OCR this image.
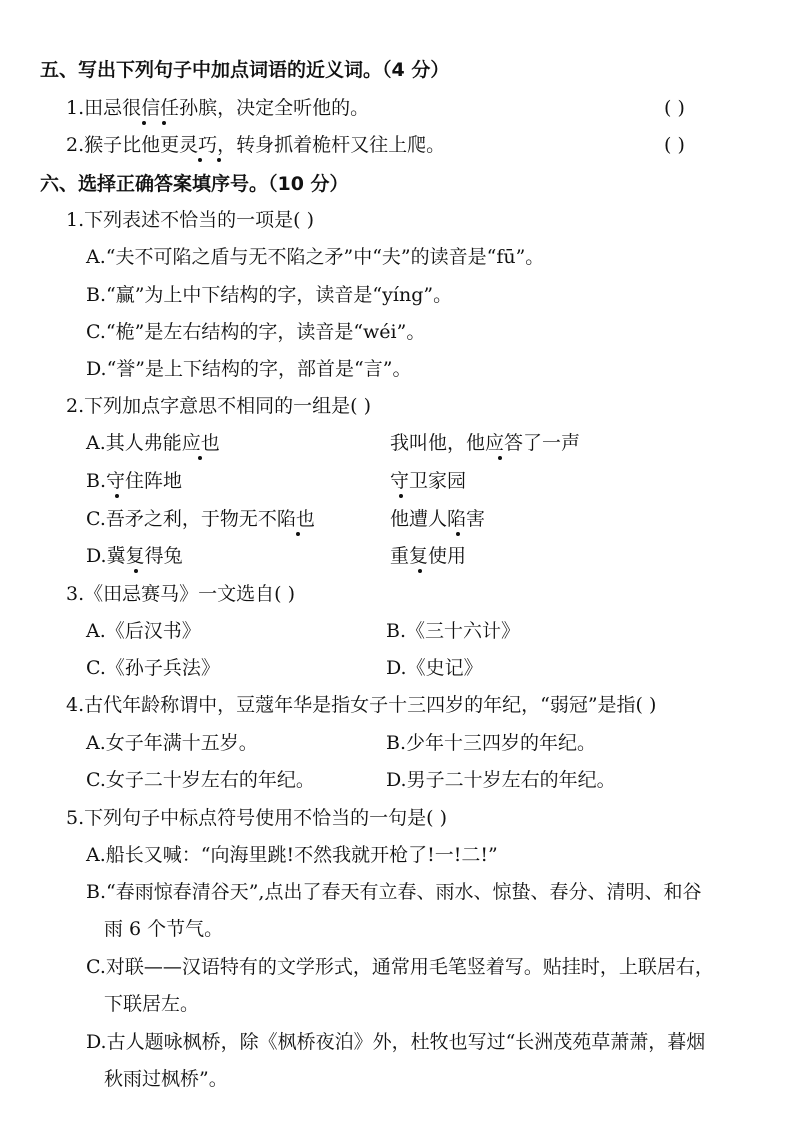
五、写出下列句子中加点词语的近义词。（4 分）
1.田忌很信任孙膑，决定全听他的。	( )
2.猴子比他更灵巧，转身抓着桅杆又往上爬。	( )
六、选择正确答案填序号。（10 分）
1.下列表述不恰当的一项是( )
A.“夫不可陷之盾与无不陷之矛”中“夫”的读音是“fū”。
B.“赢”为上中下结构的字，读音是“yíng”。
C.“桅”是左右结构的字，读音是“wéi”。
D.“誉”是上下结构的字，部首是“言”。
2.下列加点字意思不相同的一组是( )
A.其人弗能应也	我叫他，他应答了一声
B.守住阵地	守卫家园
C.吾矛之利，于物无不陷也	他遭人陷害
D.冀复得兔	重复使用
3.《田忌赛马》一文选自( )
A.《后汉书》	B.《三十六计》
C.《孙子兵法》	D.《史记》
4.古代年龄称谓中，豆蔻年华是指女子十三四岁的年纪，“弱冠”是指( )
A.女子年满十五岁。	B.少年十三四岁的年纪。
C.女子二十岁左右的年纪。	D.男子二十岁左右的年纪。
5.下列句子中标点符号使用不恰当的一句是( )
A.船长又喊：“向海里跳!不然我就开枪了!一!二!”
B.“春雨惊春清谷天”,点出了春天有立春、雨水、惊蛰、春分、清明、和谷
雨 6 个节气。
C.对联——汉语特有的文学形式，通常用毛笔竖着写。贴挂时，上联居右，
下联居左。
D.古人题咏枫桥，除《枫桥夜泊》外，杜牧也写过“长洲茂苑草萧萧，暮烟
秋雨过枫桥”。
